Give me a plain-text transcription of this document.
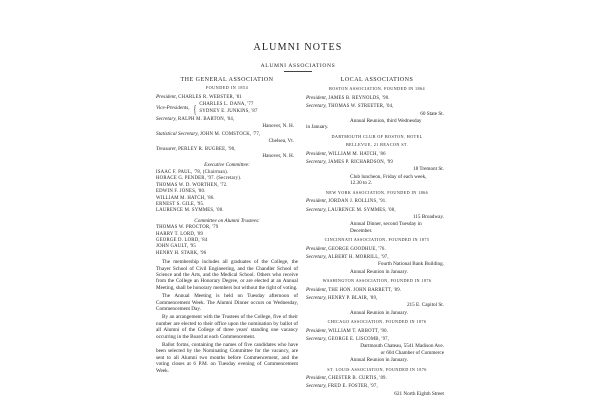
ALUMNI NOTES
ALUMNI ASSOCIATIONS
THE GENERAL ASSOCIATION
FOUNDED IN 1854
President, CHARLES R. WEBSTER, '81
Vice-Presidents, { CHARLES L. DANA, '77
SYDNEY E. JUNKINS, '87
Secretary, RALPH M. BARTON, '04,
Hanover, N. H.
Statistical Secretary, JOHN M. COMSTOCK, '77,
Chelsea, Vt.
Treasurer, PERLEY R. BUGBEE, '90,
Hanover, N. H.
Executive Committee:
ISAAC F. PAUL, '78, (Chairman).
HORACE G. PENDER, '97. (Secretary).
THOMAS W. D. WORTHEN, '72.
EDWIN F. JONES, '80.
WILLIAM M. HATCH, '86.
ERNEST S. GILE, '95.
LAURENCE M. SYMMES, '08.
Committee on Alumni Trustees:
THOMAS W. PROCTOR, '79
HARRY T. LORD, '89
GEORGE D. LORD, '84
JOHN GAULT, '95
HENRY H. STARK, '96

The membership includes all graduates of the College, the Thayer School of Civil Engineering, and the Chandler School of Science and the Arts, and the Medical School. Others who receive from the College an Honorary Degree, or are elected at an Annual Meeting, shall be honorary members but without the right of voting.

The Annual Meeting is held on Tuesday afternoon of Commencement Week. The Alumni Dinner occurs on Wednesday, Commencement Day.

By an arrangement with the Trustees of the College, five of their number are elected to their office upon the nomination by ballot of all Alumni of the College of three years' standing one vacancy occurring in the Board at each Commencement.

Ballot forms, containing the names of five candidates who have been selected by the Nominating Committee for the vacancy, are sent to all Alumni two months before Commencement, and the voting closes at 6 P.M. on Tuesday evening of Commencement Week.

LOCAL ASSOCIATIONS
BOSTON ASSOCIATION, FOUNDED IN 1864
President, JAMES B. REYNOLDS, '90.
Secretary, THOMAS W. STREETER, '04,
60 State St.
Annual Reunion, third Wednesday
in January.
DARTMOUTH CLUB OF BOSTON, HOTEL
BELLEVUE, 21 BEACON ST.
President, WILLIAM M. HATCH, '86
Secretary, JAMES P. RICHARDSON, '99
18 Tremont St.
Club luncheon, Friday of each week,
12.30 to 2.
NEW YORK ASSOCIATION, FOUNDED IN 1866
President, JORDAN J. ROLLINS, '91.
Secretary, LAURENCE M. SYMMES, '08,
115 Broadway.
Annual Dinner, second Tuesday in
December.
CINCINNATI ASSOCIATION, FOUNDED IN 1875
President, GEORGE GOODHUE, '76.
Secretary, ALBERT H. MORRILL, '97,
Fourth National Bank Building.
Annual Reunion in January.
WASHINGTON ASSOCIATION, FOUNDED IN 1876
President, THE HON. JOHN BARRETT, '89.
Secretary, HENRY P. BLAIR, '89,
215 E. Capitol St.
Annual Reunion in January.
CHICAGO ASSOCIATION, FOUNDED IN 1876
President, WILLIAM T. ABBOTT, '90.
Secretary, GEORGE E. LISCOMB, '97,
Dartmouth Chateau, 5541 Madison Ave.
or 604 Chamber of Commerce
Annual Reunion in January.
ST. LOUIS ASSOCIATION, FOUNDED IN 1876
President, CHESTER B. CURTIS, '89.
Secretary, FRED E. FOSTER, '97,
621 North Eighth Street
